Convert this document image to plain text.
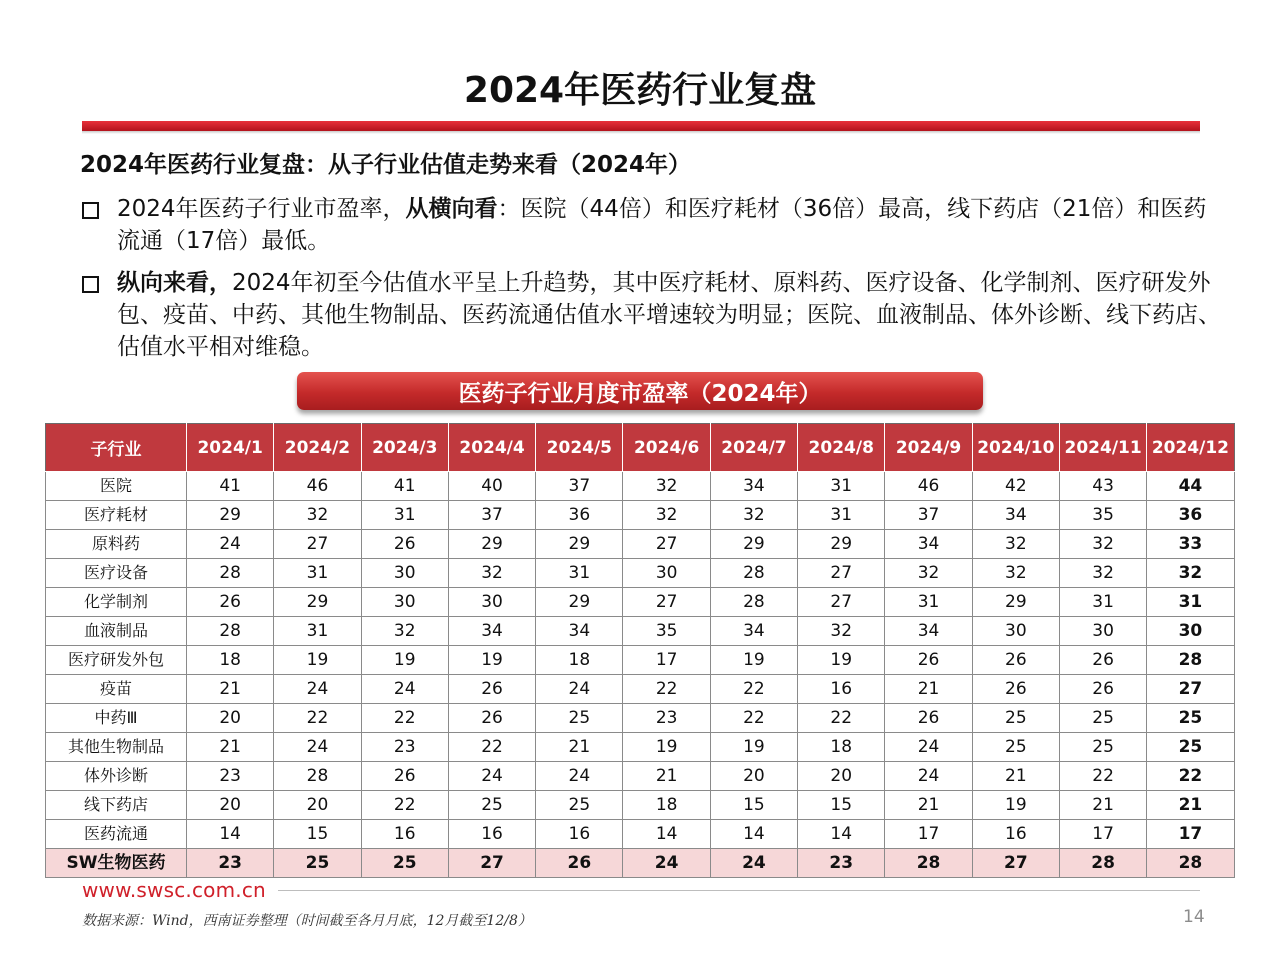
2024年医药行业复盘
2024年医药行业复盘：从子行业估值走势来看（2024年）
2024年医药子行业市盈率，从横向看：医院（44倍）和医疗耗材（36倍）最高，线下药店（21倍）和医药流通（17倍）最低。
纵向来看，2024年初至今估值水平呈上升趋势，其中医疗耗材、原料药、医疗设备、化学制剂、医疗研发外包、疫苗、中药、其他生物制品、医药流通估值水平增速较为明显；医院、血液制品、体外诊断、线下药店、估值水平相对维稳。
医药子行业月度市盈率（2024年）
子行业	2024/1	2024/2	2024/3	2024/4	2024/5	2024/6	2024/7	2024/8	2024/9	2024/10	2024/11	2024/12
医院	41	46	41	40	37	32	34	31	46	42	43	44
医疗耗材	29	32	31	37	36	32	32	31	37	34	35	36
原料药	24	27	26	29	29	27	29	29	34	32	32	33
医疗设备	28	31	30	32	31	30	28	27	32	32	32	32
化学制剂	26	29	30	30	29	27	28	27	31	29	31	31
血液制品	28	31	32	34	34	35	34	32	34	30	30	30
医疗研发外包	18	19	19	19	18	17	19	19	26	26	26	28
疫苗	21	24	24	26	24	22	22	16	21	26	26	27
中药Ⅲ	20	22	22	26	25	23	22	22	26	25	25	25
其他生物制品	21	24	23	22	21	19	19	18	24	25	25	25
体外诊断	23	28	26	24	24	21	20	20	24	21	22	22
线下药店	20	20	22	25	25	18	15	15	21	19	21	21
医药流通	14	15	16	16	16	14	14	14	17	16	17	17
SW生物医药	23	25	25	27	26	24	24	23	28	27	28	28
www.swsc.com.cn
数据来源：Wind，西南证券整理（时间截至各月月底，12月截至12/8）	14
